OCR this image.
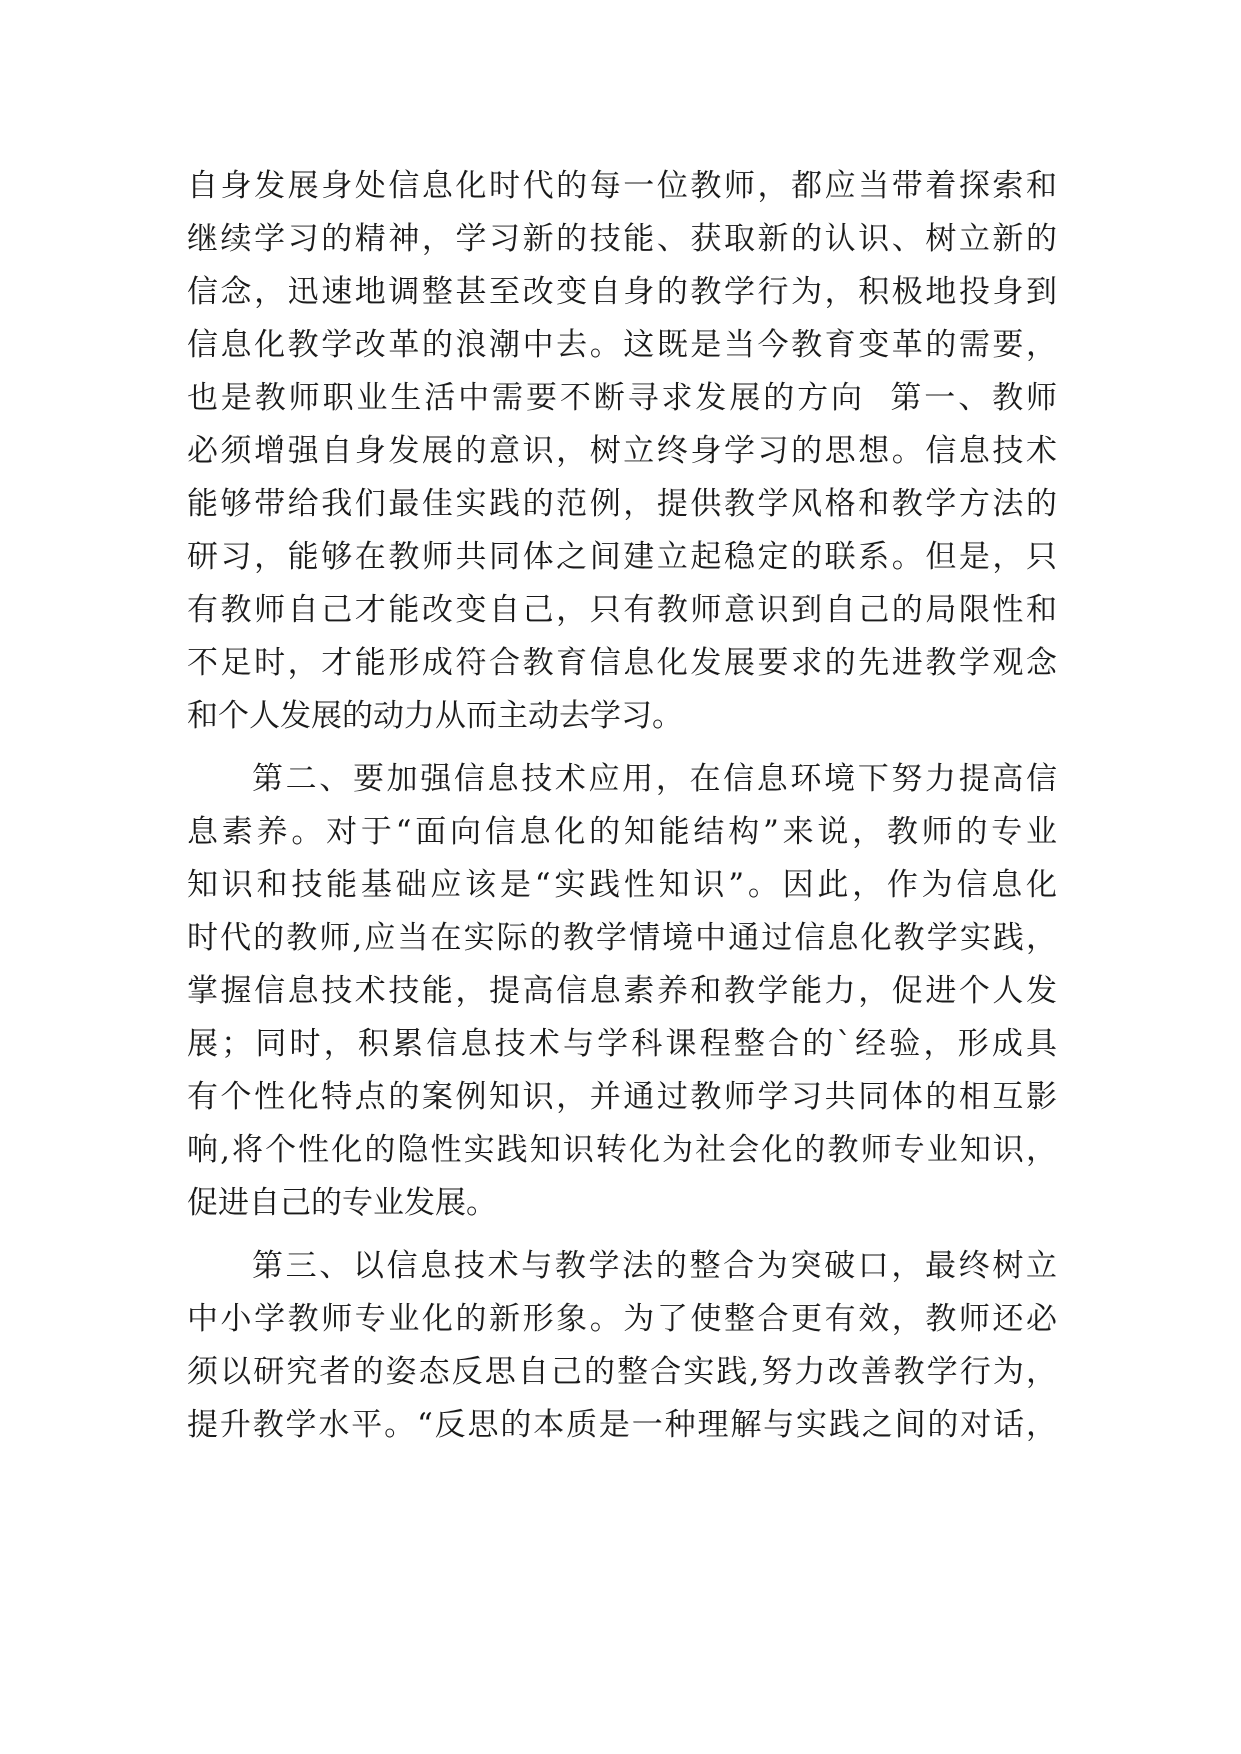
自身发展身处信息化时代的每一位教师，都应当带着探索和
继续学习的精神，学习新的技能、获取新的认识、树立新的
信念，迅速地调整甚至改变自身的教学行为，积极地投身到
信息化教学改革的浪潮中去。这既是当今教育变革的需要，
也是教师职业生活中需要不断寻求发展的方向  第一、教师
必须增强自身发展的意识，树立终身学习的思想。信息技术
能够带给我们最佳实践的范例，提供教学风格和教学方法的
研习，能够在教师共同体之间建立起稳定的联系。但是，只
有教师自己才能改变自己，只有教师意识到自己的局限性和
不足时，才能形成符合教育信息化发展要求的先进教学观念
和个人发展的动力从而主动去学习。
第二、要加强信息技术应用，在信息环境下努力提高信
息素养。对于“面向信息化的知能结构”来说，教师的专业
知识和技能基础应该是“实践性知识”。因此，作为信息化
时代的教师,应当在实际的教学情境中通过信息化教学实践，
掌握信息技术技能，提高信息素养和教学能力，促进个人发
展；同时，积累信息技术与学科课程整合的`经验，形成具
有个性化特点的案例知识，并通过教师学习共同体的相互影
响,将个性化的隐性实践知识转化为社会化的教师专业知识，
促进自己的专业发展。
第三、以信息技术与教学法的整合为突破口，最终树立
中小学教师专业化的新形象。为了使整合更有效，教师还必
须以研究者的姿态反思自己的整合实践,努力改善教学行为，
提升教学水平。“反思的本质是一种理解与实践之间的对话，
